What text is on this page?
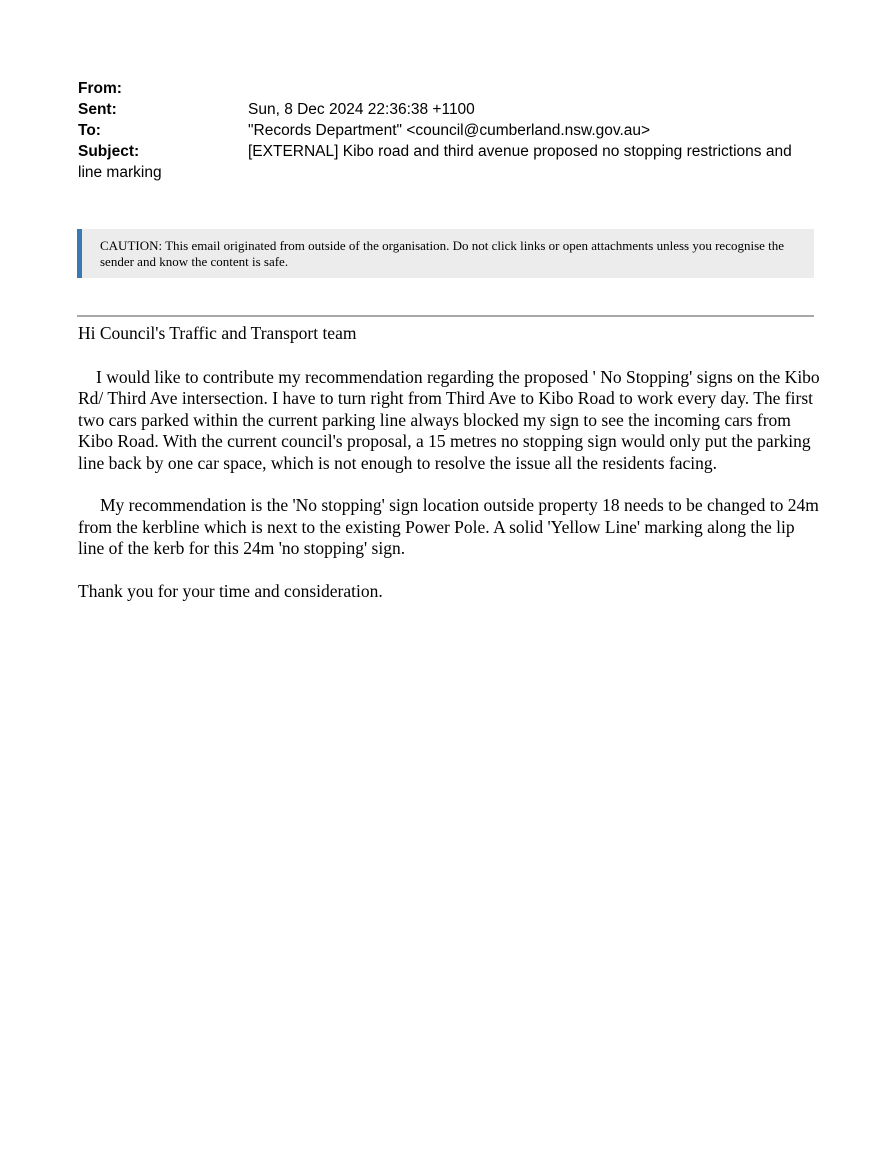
From:
Sent:	Sun, 8 Dec 2024 22:36:38 +1100
To:	"Records Department" <council@cumberland.nsw.gov.au>
Subject:	[EXTERNAL] Kibo road and third avenue proposed no stopping restrictions and
line marking
CAUTION: This email originated from outside of the organisation. Do not click links or open attachments unless you recognise the sender and know the content is safe.

Hi Council's Traffic and Transport team

I would like to contribute my recommendation regarding the proposed ' No Stopping' signs on the Kibo Rd/ Third Ave intersection. I have to turn right from Third Ave to Kibo Road to work every day. The first two cars parked within the current parking line always blocked my sign to see the incoming cars from Kibo Road. With the current council's proposal, a 15 metres no stopping sign would only put the parking line back by one car space, which is not enough to resolve the issue all the residents facing.

My recommendation is the 'No stopping' sign location outside property 18 needs to be changed to 24m from the kerbline which is next to the existing Power Pole. A solid 'Yellow Line' marking along the lip line of the kerb for this 24m 'no stopping' sign.

Thank you for your time and consideration.
